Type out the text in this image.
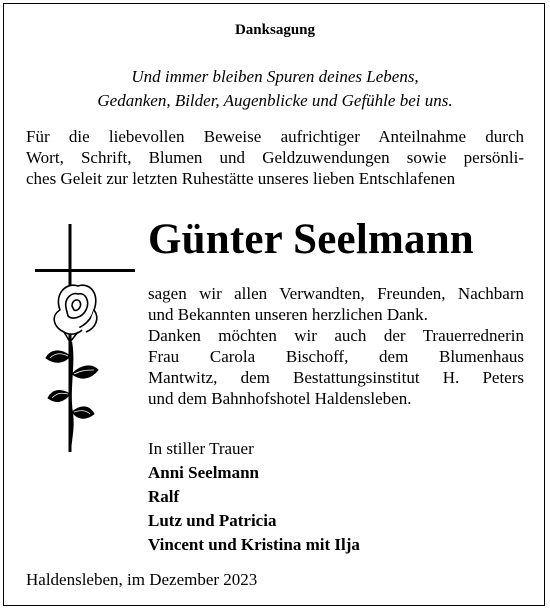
Danksagung
Und immer bleiben Spuren deines Lebens,
Gedanken, Bilder, Augenblicke und Gefühle bei uns.
Für die liebevollen Beweise aufrichtiger Anteilnahme durch
Wort, Schrift, Blumen und Geldzuwendungen sowie persönli-
ches Geleit zur letzten Ruhestätte unseres lieben Entschlafenen
Günter Seelmann
sagen wir allen Verwandten, Freunden, Nachbarn
und Bekannten unseren herzlichen Dank.
Danken möchten wir auch der Trauerrednerin
Frau Carola Bischoff, dem Blumenhaus
Mantwitz, dem Bestattungsinstitut H. Peters
und dem Bahnhofshotel Haldensleben.
In stiller Trauer
Anni Seelmann
Ralf
Lutz und Patricia
Vincent und Kristina mit Ilja
Haldensleben, im Dezember 2023
